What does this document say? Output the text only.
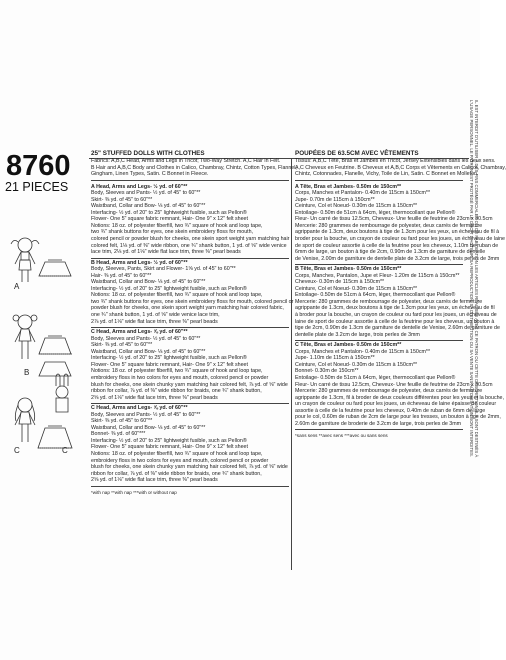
8760
21 PIECES
A
B
C	C
25" STUFFED DOLLS WITH CLOTHES
Fabrics: A,B,C Head, Arms and Legs in Tricot; Two-Way Stretch. A,C Hair in Felt.
B Hair and A,B,C Body and Clothes in Calico, Chambray, Chintz, Cotton Types, Flannel,
Gingham, Linen Types, Satin. C Bonnet in Fleece.
A Head, Arms and Legs- ½ yd. of 60"**
Body, Sleeves and Pants- ½ yd. of 45" to 60"**
Skirt- ⅜ yd. of 45" to 60"**
Waistband, Collar and Bow- ⅛ yd. of 45" to 60"**
Interfacing- ½ yd. of 20" to 25" lightweight fusible, such as Pellon®
Flower- One 5" square fabric remnant, Hair- One 9" x 12" felt sheet
Notions: 18 oz. of polyester fiberfill, two ¾" square of hook and loop tape,
two ¾" shank buttons for eyes, one skein embroidery floss for mouth,
colored pencil or powder blush for cheeks, one skein sport weight yarn matching hair
colored felt, 1⅛ yd. of ⅜" wide ribbon, one ¾" shank button, 1 yd. of ⅝" wide venice
lace trim, 2⅛ yd. of 1⅛" wide flat lace trim, three ⅜" pearl beads
B Head, Arms and Legs- ½ yd. of 60"**
Body, Sleeves, Pants, Skirt and Flower- 1⅝ yd. of 45" to 60"**
Hair- ⅜ yd. of 45" to 60"**
Waistband, Collar and Bow- ⅛ yd. of 45" to 60"**
Interfacing- ½ yd. of 20" to 25" lightweight fusible, such as Pellon®
Notions: 18 oz. of polyester fiberfill, two ¾" square of hook and loop tape,
two ¾" shank buttons for eyes, one skein embroidery floss for mouth, colored pencil or
powder blush for cheeks, one skein sport weight yarn matching hair colored fabric,
one ¾" shank button, 1 yd. of ⅝" wide venice lace trim,
2⅞ yd. of 1⅛" wide flat lace trim, three ⅜" pearl beads
C Head, Arms and Legs- ⅝ yd. of 60"**
Body, Sleeves and Pants- ½ yd. of 45" to 60"**
Skirt- ⅜ yd. of 45" to 60"**
Waistband, Collar and Bow- ⅛ yd. of 45" to 60"**
Interfacing- ½ yd. of 20" to 25" lightweight fusible, such as Pellon®
Flower- One 5" square fabric remnant, Hair- One 9" x 12" felt sheet
Notions: 18 oz. of polyester fiberfill, two ¾" square of hook and loop tape,
embroidery floss in two colors for eyes and mouth, colored pencil or powder
blush for cheeks, one skein chunky yarn matching hair colored felt, ⅞ yd. of ⅝" wide
ribbon for collar, ⅞ yd. of ⅜" wide ribbon for braids, one ¾" shank button,
2⅝ yd. of 1⅛" wide flat lace trim, three ⅜" pearl beads
C Head, Arms and Legs- ⅝ yd. of 60"**
Body, Sleeves and Pants- ½ yd. of 45" to 60"**
Skirt- ⅜ yd. of 45" to 60"**
Waistband, Collar and Bow- ⅛ yd. of 45" to 60"**
Bonnet- ⅜ yd. of 60"***
Interfacing- ½ yd. of 20" to 25" lightweight fusible, such as Pellon®
Flower- One 5" square fabric remnant, Hair- One 9" x 12" felt sheet
Notions: 18 oz. of polyester fiberfill, two ¾" square of hook and loop tape,
embroidery floss in two colors for eyes and mouth, colored pencil or powder
blush for cheeks, one skein chunky yarn matching hair colored felt, ⅞ yd. of ⅝" wide
ribbon for collar, ⅞ yd. of ⅜" wide ribbon for braids, one ¾" shank button,
2⅝ yd. of 1⅛" wide flat lace trim, three ⅜" pearl beads
*with nap **with nap ***with or without nap
POUPÉES DE 63.5CM AVEC VÊTEMENTS
Tissus: A,B,C Tête, Bras et Jambes en Tricot, Jersey Extensibles dans les deux sens.
A,C Cheveux en Feutrine. B Cheveux et A,B,C Corps et Vêtements en Calicot, Chambray,
Chintz, Cotonnades, Flanelle, Vichy, Toile de Lin, Satin. C Bonnet en Molleton.
A Tête, Bras et Jambes- 0.50m de 150cm**
Corps, Manches et Pantalon- 0.40m de 115cm à 150cm**
Jupe- 0.70m de 115cm à 150cm**
Ceinture, Col et Noeud- 0.30m de 115cm à 150cm**
Entoilage- 0.50m de 51cm à 64cm, léger, thermocollant que Pellon®
Fleur- Un carré de tissu 12.5cm, Cheveux- Une feuille de feutrine de 23cm x 30.5cm
Mercerie: 280 grammes de rembourrage de polyester, deux carrés de fermeture
agrippante de 1.3cm, deux boutons à tige de 1.3cm pour les yeux, un écheveau de fil à
broder pour la bouche, un crayon de couleur ou fard pour les joues, un écheveau de laine
de sport de couleur assortie à celle de la feutrine pour les cheveux, 1.10m de ruban de
6mm de large, un bouton à tige de 2cm, 0.90m de 1.3cm de garniture de dentelle
de Venise, 2.00m de garniture de dentelle plate de 3.2cm de large, trois perles de 3mm
B Tête, Bras et Jambes- 0.50m de 150cm**
Corps, Manches, Pantalon, Jupe et Fleur- 1.20m de 115cm à 150cm**
Cheveux- 0.30m de 115cm à 150cm**
Ceinture, Col et Noeud- 0.30m de 115cm à 150cm**
Entoilage- 0.50m de 51cm à 64cm, léger, thermocollant que Pellon®
Mercerie: 280 grammes de rembourrage de polyester, deux carrés de fermeture
agrippante de 1.3cm, deux boutons à tige de 1.3cm pour les yeux, un écheveau de fil
à broder pour la bouche, un crayon de couleur ou fard pour les joues, un écheveau de
laine de sport de couleur assortie à celle de la feutrine pour les cheveux, un bouton à
tige de 2cm, 0.90m de 1.3cm de garniture de dentelle de Venise, 2.60m de garniture de
dentelle plate de 3.2cm de large, trois perles de 3mm
C Tête, Bras et Jambes- 0.50m de 150cm**
Corps, Manches et Pantalon- 0.40m de 115cm à 150cm**
Jupe- 1.10m de 115cm à 150cm**
Ceinture, Col et Noeud- 0.30m de 115cm à 150cm**
Bonnet- 0.30m de 150cm**
Entoilage- 0.50m de 51cm à 64cm, léger, thermocollant que Pellon®
Fleur- Un carré de tissu 12.5cm, Cheveux- Une feuille de feutrine de 23cm x 30.5cm
Mercerie: 280 grammes de rembourrage de polyester, deux carrés de fermeture
agrippante de 1.3cm, fil à broder de deux couleurs différentes pour les yeux et la bouche,
un crayon de couleur ou fard pour les joues, un écheveau de laine épaisse de couleur
assortie à celle de la feutrine pour les cheveux, 0.40m de ruban de 6mm de large
pour le col, 0.60m de ruban de 2cm de large pour les tresses, un bouton à tige de 2mm,
2.60m de garniture de broderie de 3.2cm de large, trois perles de 3mm
*sans sens **avec sens ***avec ou sans sens	IL EST INTERDIT D'UTILISER À DES FINS COMMERCIALES OU DE FABRICATION LES ARTICLES RÉALISÉS AVEC CE PATRON OU CETTE DESCRIPTION. ILS SONT DESTINÉS À
L'USAGE PERSONNEL. LE PATRON EST PROTÉGÉ PAR LE DROIT D'AUTEUR. SA REPRODUCTION, SA DISTRIBUTION OU SA VENTE SANS AUTORISATION SONT INTERDITES.
